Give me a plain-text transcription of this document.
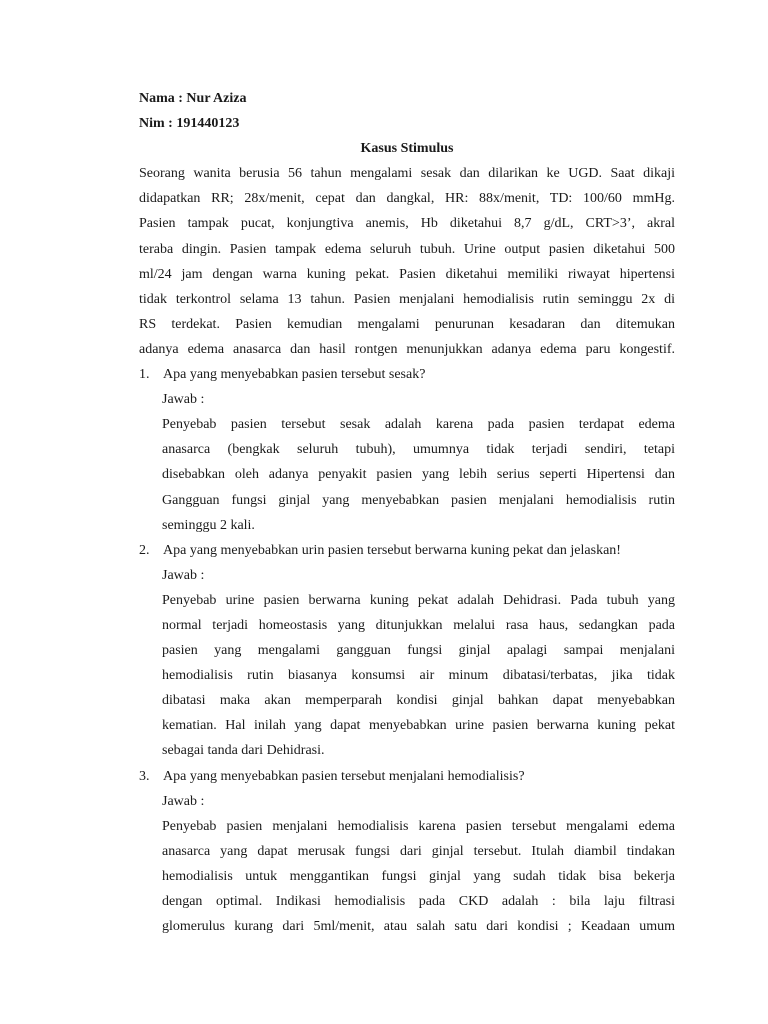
Nama : Nur Aziza
Nim : 191440123
Kasus Stimulus
Seorang wanita berusia 56 tahun mengalami sesak dan dilarikan ke UGD. Saat dikaji
didapatkan RR; 28x/menit, cepat dan dangkal, HR: 88x/menit, TD: 100/60 mmHg.
Pasien tampak pucat, konjungtiva anemis, Hb diketahui 8,7 g/dL, CRT>3’, akral
teraba dingin. Pasien tampak edema seluruh tubuh. Urine output pasien diketahui 500
ml/24 jam dengan warna kuning pekat. Pasien diketahui memiliki riwayat hipertensi
tidak terkontrol selama 13 tahun. Pasien menjalani hemodialisis rutin seminggu 2x di
RS terdekat. Pasien kemudian mengalami penurunan kesadaran dan ditemukan
adanya edema anasarca dan hasil rontgen menunjukkan adanya edema paru kongestif.
1. Apa yang menyebabkan pasien tersebut sesak?
Jawab :
Penyebab pasien tersebut sesak adalah karena pada pasien terdapat edema
anasarca (bengkak seluruh tubuh), umumnya tidak terjadi sendiri, tetapi
disebabkan oleh adanya penyakit pasien yang lebih serius seperti Hipertensi dan
Gangguan fungsi ginjal yang menyebabkan pasien menjalani hemodialisis rutin
seminggu 2 kali.
2. Apa yang menyebabkan urin pasien tersebut berwarna kuning pekat dan jelaskan!
Jawab :
Penyebab urine pasien berwarna kuning pekat adalah Dehidrasi. Pada tubuh yang
normal terjadi homeostasis yang ditunjukkan melalui rasa haus, sedangkan pada
pasien yang mengalami gangguan fungsi ginjal apalagi sampai menjalani
hemodialisis rutin biasanya konsumsi air minum dibatasi/terbatas, jika tidak
dibatasi maka akan memperparah kondisi ginjal bahkan dapat menyebabkan
kematian. Hal inilah yang dapat menyebabkan urine pasien berwarna kuning pekat
sebagai tanda dari Dehidrasi.
3. Apa yang menyebabkan pasien tersebut menjalani hemodialisis?
Jawab :
Penyebab pasien menjalani hemodialisis karena pasien tersebut mengalami edema
anasarca yang dapat merusak fungsi dari ginjal tersebut. Itulah diambil tindakan
hemodialisis untuk menggantikan fungsi ginjal yang sudah tidak bisa bekerja
dengan optimal. Indikasi hemodialisis pada CKD adalah : bila laju filtrasi
glomerulus kurang dari 5ml/menit, atau salah satu dari kondisi ; Keadaan umum
